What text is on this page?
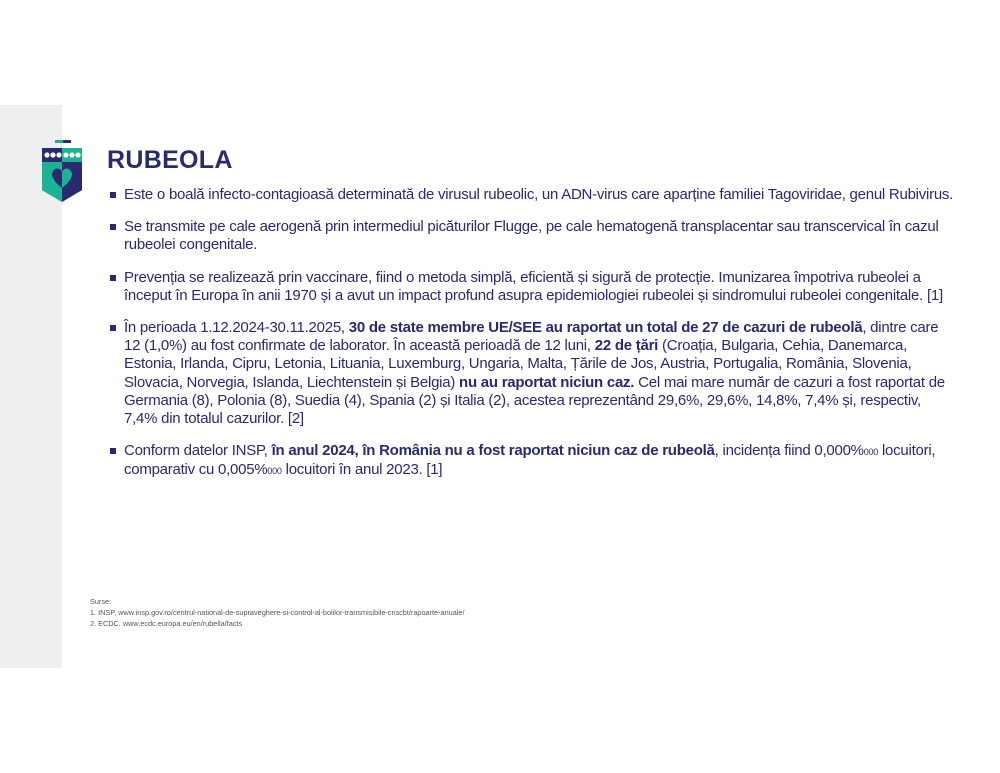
6
RUBEOLA
Este o boală infecto-contagioasă determinată de virusul rubeolic, un ADN-virus care aparține familiei Tagoviridae, genul Rubivirus.
Se transmite pe cale aerogenă prin intermediul picăturilor Flugge, pe cale hematogenă transplacentar sau transcervical în cazul rubeolei congenitale.
Prevenția se realizează prin vaccinare, fiind o metoda simplă, eficientă și sigură de protecție. Imunizarea împotriva rubeolei a început în Europa în anii 1970 și a avut un impact profund asupra epidemiologiei rubeolei și sindromului rubeolei congenitale. [1]
În perioada 1.12.2024-30.11.2025, 30 de state membre UE/SEE au raportat un total de 27 de cazuri de rubeolă, dintre care 12 (1,0%) au fost confirmate de laborator. În această perioadă de 12 luni, 22 de țări (Croația, Bulgaria, Cehia, Danemarca, Estonia, Irlanda, Cipru, Letonia, Lituania, Luxemburg, Ungaria, Malta, Țările de Jos, Austria, Portugalia, România, Slovenia, Slovacia, Norvegia, Islanda, Liechtenstein și Belgia) nu au raportat niciun caz. Cel mai mare număr de cazuri a fost raportat de Germania (8), Polonia (8), Suedia (4), Spania (2) și Italia (2), acestea reprezentând 29,6%, 29,6%, 14,8%, 7,4% și, respectiv, 7,4% din totalul cazurilor. [2]
Conform datelor INSP, în anul 2024, în România nu a fost raportat niciun caz de rubeolă, incidența fiind 0,000%000 locuitori, comparativ cu 0,005%000 locuitori în anul 2023. [1]
Surse:
1. INSP, www.insp.gov.ro/centrul-national-de-supraveghere-si-control-al-bolilor-transmisibile-cnscbt/rapoarte-anuale/
2. ECDC. www.ecdc.europa.eu/en/rubella/facts
